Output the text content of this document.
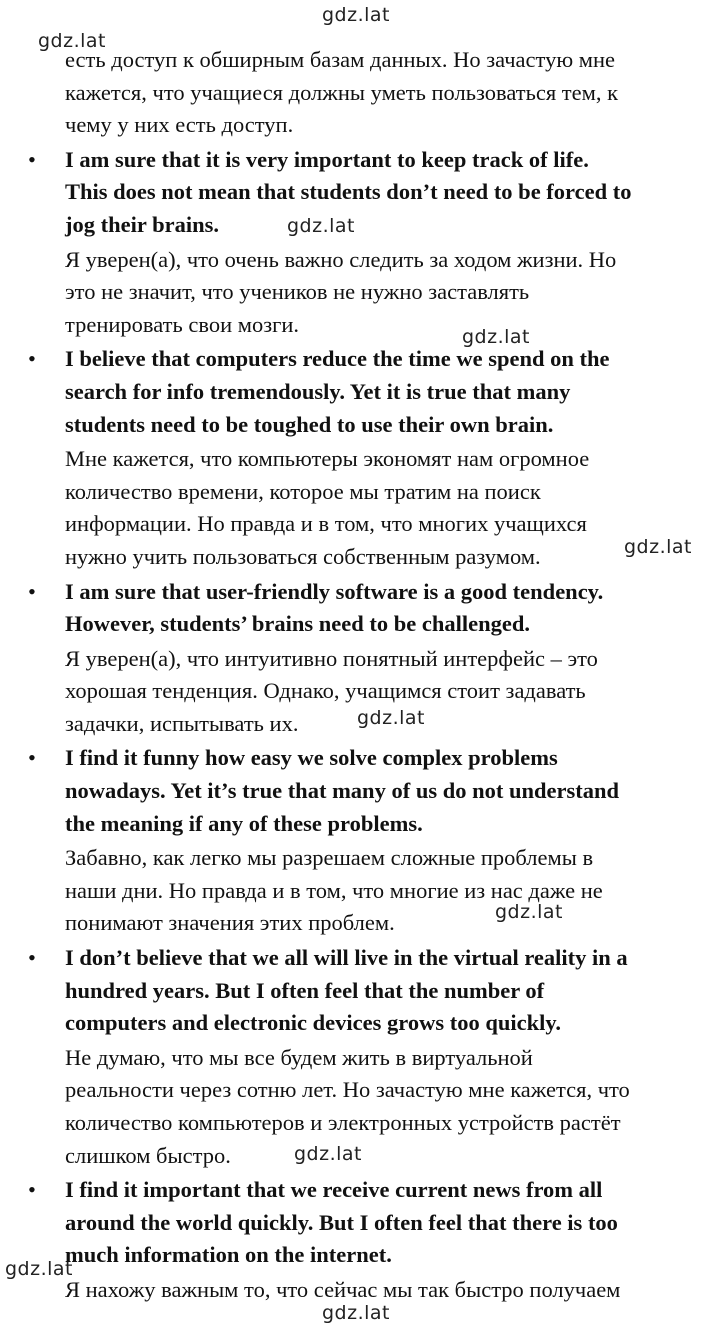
gdz.lat
gdz.lat
gdz.lat
gdz.lat
gdz.lat
gdz.lat
gdz.lat
gdz.lat
gdz.lat
gdz.lat
есть доступ к обширным базам данных. Но зачастую мне
кажется, что учащиеся должны уметь пользоваться тем, к
чему у них есть доступ.
• I am sure that it is very important to keep track of life.
This does not mean that students don’t need to be forced to
jog their brains.
Я уверен(а), что очень важно следить за ходом жизни. Но
это не значит, что учеников не нужно заставлять
тренировать свои мозги.
• I believe that computers reduce the time we spend on the
search for info tremendously. Yet it is true that many
students need to be toughed to use their own brain.
Мне кажется, что компьютеры экономят нам огромное
количество времени, которое мы тратим на поиск
информации. Но правда и в том, что многих учащихся
нужно учить пользоваться собственным разумом.
• I am sure that user-friendly software is a good tendency.
However, students’ brains need to be challenged.
Я уверен(а), что интуитивно понятный интерфейс – это
хорошая тенденция. Однако, учащимся стоит задавать
задачки, испытывать их.
• I find it funny how easy we solve complex problems
nowadays. Yet it’s true that many of us do not understand
the meaning if any of these problems.
Забавно, как легко мы разрешаем сложные проблемы в
наши дни. Но правда и в том, что многие из нас даже не
понимают значения этих проблем.
• I don’t believe that we all will live in the virtual reality in a
hundred years. But I often feel that the number of
computers and electronic devices grows too quickly.
Не думаю, что мы все будем жить в виртуальной
реальности через сотню лет. Но зачастую мне кажется, что
количество компьютеров и электронных устройств растёт
слишком быстро.
• I find it important that we receive current news from all
around the world quickly. But I often feel that there is too
much information on the internet.
Я нахожу важным то, что сейчас мы так быстро получаем
